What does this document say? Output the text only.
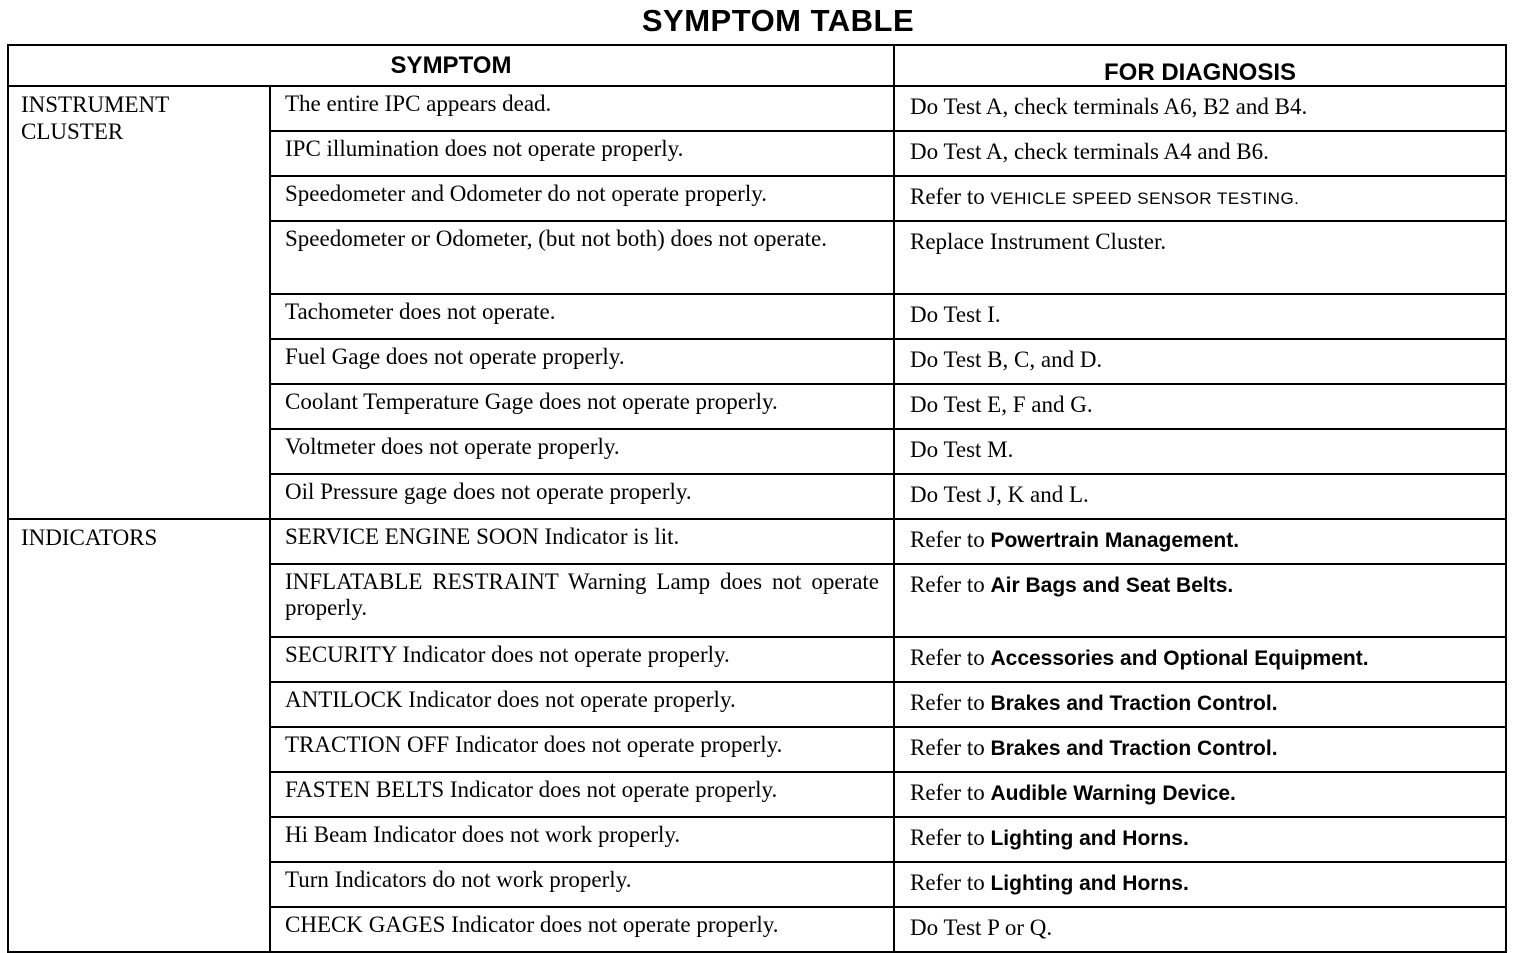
SYMPTOM TABLE
SYMPTOM		FOR DIAGNOSIS
INSTRUMENT CLUSTER	The entire IPC appears dead.	Do Test A, check terminals A6, B2 and B4.
	IPC illumination does not operate properly.	Do Test A, check terminals A4 and B6.
	Speedometer and Odometer do not operate properly.	Refer to VEHICLE SPEED SENSOR TESTING.
	Speedometer or Odometer, (but not both) does not operate.	Replace Instrument Cluster.
	Tachometer does not operate.	Do Test I.
	Fuel Gage does not operate properly.	Do Test B, C, and D.
	Coolant Temperature Gage does not operate properly.	Do Test E, F and G.
	Voltmeter does not operate properly.	Do Test M.
	Oil Pressure gage does not operate properly.	Do Test J, K and L.
INDICATORS	SERVICE ENGINE SOON Indicator is lit.	Refer to Powertrain Management.
	INFLATABLE RESTRAINT Warning Lamp does not operate properly.	Refer to Air Bags and Seat Belts.
	SECURITY Indicator does not operate properly.	Refer to Accessories and Optional Equipment.
	ANTILOCK Indicator does not operate properly.	Refer to Brakes and Traction Control.
	TRACTION OFF Indicator does not operate properly.	Refer to Brakes and Traction Control.
	FASTEN BELTS Indicator does not operate properly.	Refer to Audible Warning Device.
	Hi Beam Indicator does not work properly.	Refer to Lighting and Horns.
	Turn Indicators do not work properly.	Refer to Lighting and Horns.
	CHECK GAGES Indicator does not operate properly.	Do Test P or Q.
